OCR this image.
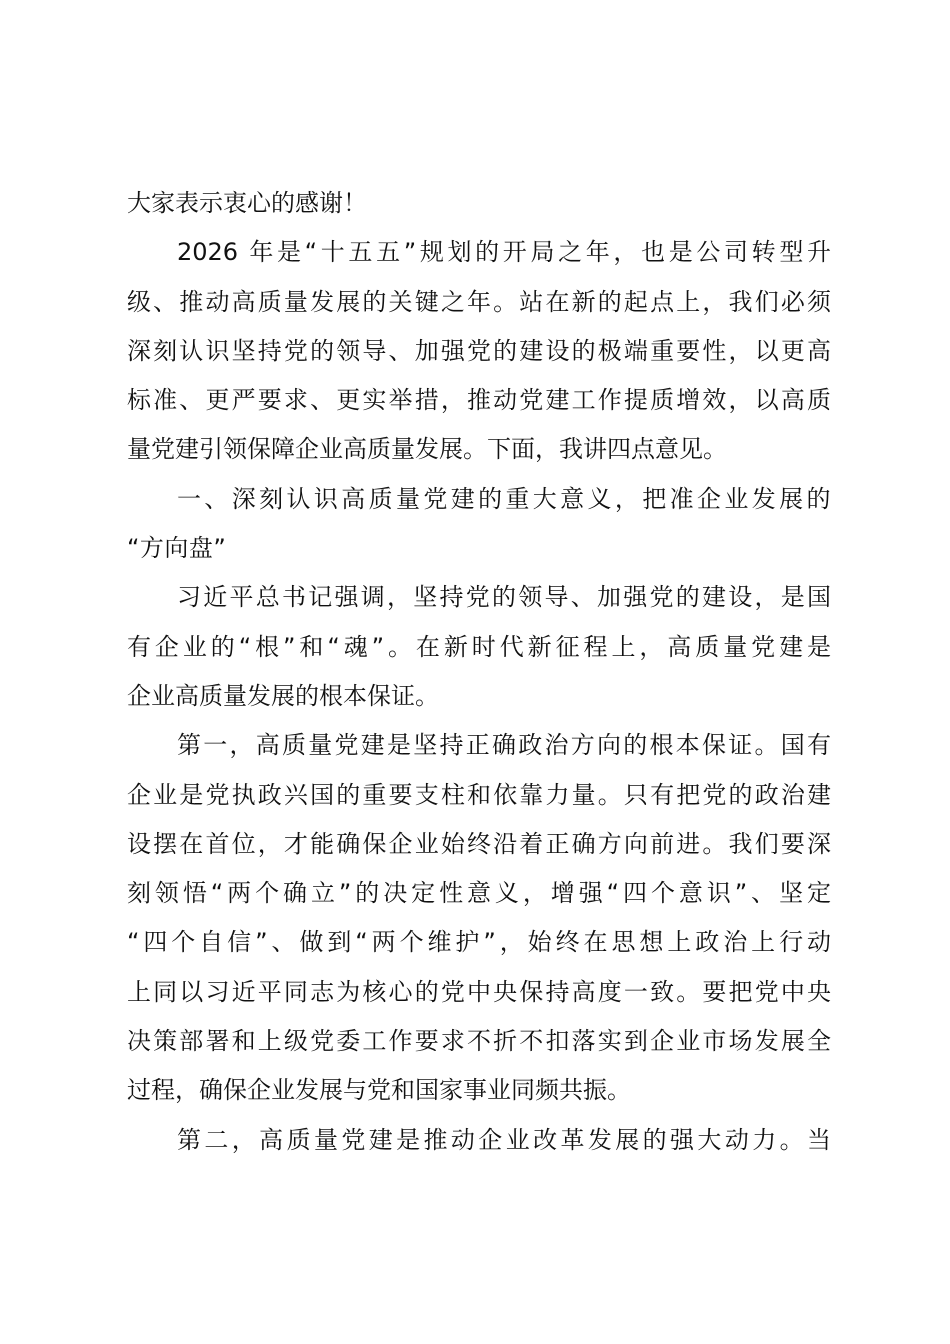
大家表示衷心的感谢！
2026 年是“十五五”规划的开局之年，也是公司转型升
级、推动高质量发展的关键之年。站在新的起点上，我们必须
深刻认识坚持党的领导、加强党的建设的极端重要性，以更高
标准、更严要求、更实举措，推动党建工作提质增效，以高质
量党建引领保障企业高质量发展。下面，我讲四点意见。
一、深刻认识高质量党建的重大意义，把准企业发展的
“方向盘”
习近平总书记强调，坚持党的领导、加强党的建设，是国
有企业的“根”和“魂”。在新时代新征程上，高质量党建是
企业高质量发展的根本保证。
第一，高质量党建是坚持正确政治方向的根本保证。国有
企业是党执政兴国的重要支柱和依靠力量。只有把党的政治建
设摆在首位，才能确保企业始终沿着正确方向前进。我们要深
刻领悟“两个确立”的决定性意义，增强“四个意识”、坚定
“四个自信”、做到“两个维护”，始终在思想上政治上行动
上同以习近平同志为核心的党中央保持高度一致。要把党中央
决策部署和上级党委工作要求不折不扣落实到企业市场发展全
过程，确保企业发展与党和国家事业同频共振。
第二，高质量党建是推动企业改革发展的强大动力。当
